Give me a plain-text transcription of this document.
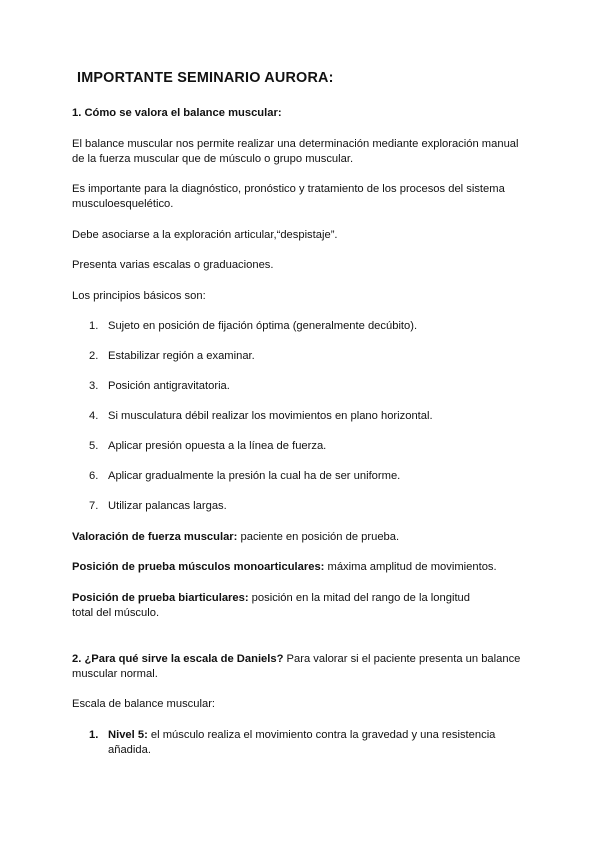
IMPORTANTE SEMINARIO AURORA:
1. Cómo se valora el balance muscular:
El balance muscular nos permite realizar una determinación mediante exploración manual
de la fuerza muscular que de músculo o grupo muscular.
Es importante para la diagnóstico, pronóstico y tratamiento de los procesos del sistema
musculoesquelético.
Debe asociarse a la exploración articular,“despistaje”.
Presenta varias escalas o graduaciones.
Los principios básicos son:
1. Sujeto en posición de fijación óptima (generalmente decúbito).
2. Estabilizar región a examinar.
3. Posición antigravitatoria.
4. Si musculatura débil realizar los movimientos en plano horizontal.
5. Aplicar presión opuesta a la línea de fuerza.
6. Aplicar gradualmente la presión la cual ha de ser uniforme.
7. Utilizar palancas largas.
Valoración de fuerza muscular: paciente en posición de prueba.
Posición de prueba músculos monoarticulares: máxima amplitud de movimientos.
Posición de prueba biarticulares: posición en la mitad del rango de la longitud
total del músculo.
2. ¿Para qué sirve la escala de Daniels? Para valorar si el paciente presenta un balance
muscular normal.
Escala de balance muscular:
1. Nivel 5: el músculo realiza el movimiento contra la gravedad y una resistencia
añadida.
